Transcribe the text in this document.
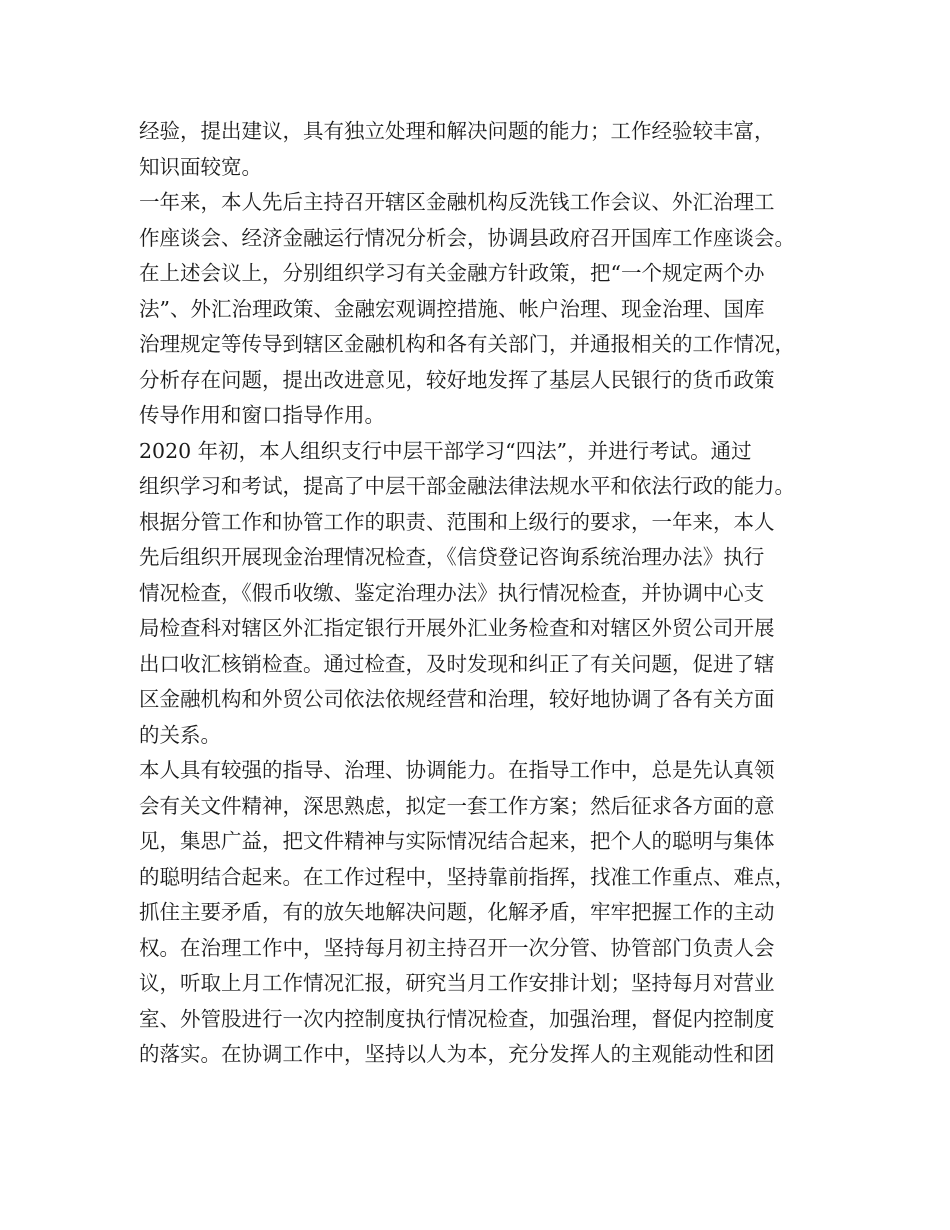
经验，提出建议，具有独立处理和解决问题的能力；工作经验较丰富，
知识面较宽。
一年来，本人先后主持召开辖区金融机构反洗钱工作会议、外汇治理工
作座谈会、经济金融运行情况分析会，协调县政府召开国库工作座谈会。
在上述会议上，分别组织学习有关金融方针政策，把“一个规定两个办
法”、外汇治理政策、金融宏观调控措施、帐户治理、现金治理、国库
治理规定等传导到辖区金融机构和各有关部门，并通报相关的工作情况，
分析存在问题，提出改进意见，较好地发挥了基层人民银行的货币政策
传导作用和窗口指导作用。
2020 年初，本人组织支行中层干部学习“四法”，并进行考试。通过
组织学习和考试，提高了中层干部金融法律法规水平和依法行政的能力。
根据分管工作和协管工作的职责、范围和上级行的要求，一年来，本人
先后组织开展现金治理情况检查，《信贷登记咨询系统治理办法》执行
情况检查，《假币收缴、鉴定治理办法》执行情况检查，并协调中心支
局检查科对辖区外汇指定银行开展外汇业务检查和对辖区外贸公司开展
出口收汇核销检查。通过检查，及时发现和纠正了有关问题，促进了辖
区金融机构和外贸公司依法依规经营和治理，较好地协调了各有关方面
的关系。
本人具有较强的指导、治理、协调能力。在指导工作中，总是先认真领
会有关文件精神，深思熟虑，拟定一套工作方案；然后征求各方面的意
见，集思广益，把文件精神与实际情况结合起来，把个人的聪明与集体
的聪明结合起来。在工作过程中，坚持靠前指挥，找准工作重点、难点，
抓住主要矛盾，有的放矢地解决问题，化解矛盾，牢牢把握工作的主动
权。在治理工作中，坚持每月初主持召开一次分管、协管部门负责人会
议，听取上月工作情况汇报，研究当月工作安排计划；坚持每月对营业
室、外管股进行一次内控制度执行情况检查，加强治理，督促内控制度
的落实。在协调工作中，坚持以人为本，充分发挥人的主观能动性和团
